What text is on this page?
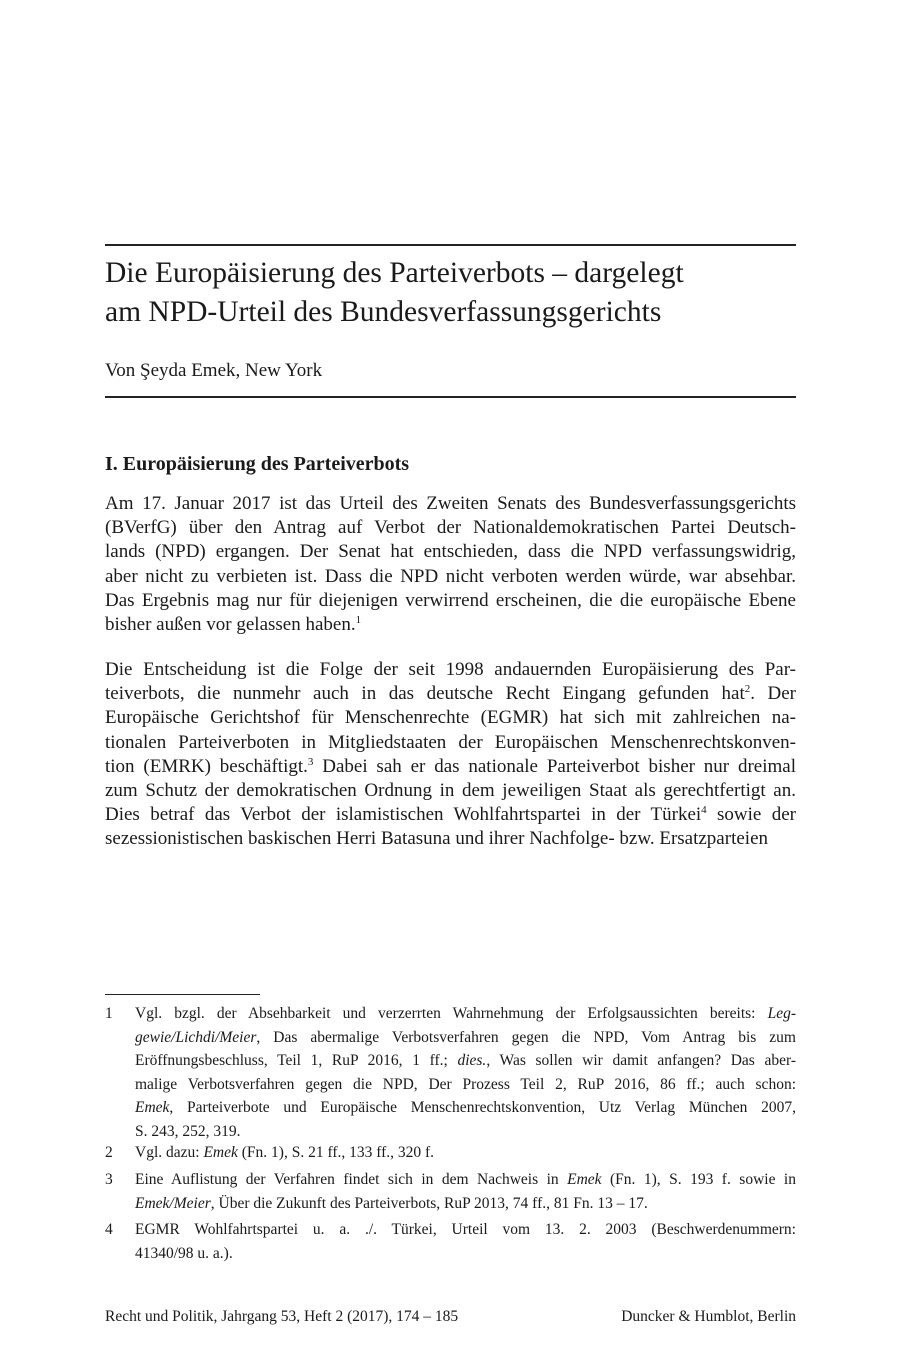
Die Europäisierung des Parteiverbots – dargelegt
am NPD-Urteil des Bundesverfassungsgerichts
Von Şeyda Emek, New York
I. Europäisierung des Parteiverbots
Am 17. Januar 2017 ist das Urteil des Zweiten Senats des Bundesverfassungsgerichts
(BVerfG) über den Antrag auf Verbot der Nationaldemokratischen Partei Deutsch-
lands (NPD) ergangen. Der Senat hat entschieden, dass die NPD verfassungswidrig,
aber nicht zu verbieten ist. Dass die NPD nicht verboten werden würde, war absehbar.
Das Ergebnis mag nur für diejenigen verwirrend erscheinen, die die europäische Ebene
bisher außen vor gelassen haben.$^1$
Die Entscheidung ist die Folge der seit 1998 andauernden Europäisierung des Par-
teiverbots, die nunmehr auch in das deutsche Recht Eingang gefunden hat$^2$. Der
Europäische Gerichtshof für Menschenrechte (EGMR) hat sich mit zahlreichen na-
tionalen Parteiverboten in Mitgliedstaaten der Europäischen Menschenrechtskonven-
tion (EMRK) beschäftigt.$^3$ Dabei sah er das nationale Parteiverbot bisher nur dreimal
zum Schutz der demokratischen Ordnung in dem jeweiligen Staat als gerechtfertigt an.
Dies betraf das Verbot der islamistischen Wohlfahrtspartei in der Türkei$^4$ sowie der
sezessionistischen baskischen Herri Batasuna und ihrer Nachfolge- bzw. Ersatzparteien
1	Vgl. bzgl. der Absehbarkeit und verzerrten Wahrnehmung der Erfolgsaussichten bereits: Leg-
gewie/Lichdi/Meier, Das abermalige Verbotsverfahren gegen die NPD, Vom Antrag bis zum
Eröffnungsbeschluss, Teil 1, RuP 2016, 1 ff.; dies., Was sollen wir damit anfangen? Das aber-
malige Verbotsverfahren gegen die NPD, Der Prozess Teil 2, RuP 2016, 86 ff.; auch schon:
Emek, Parteiverbote und Europäische Menschenrechtskonvention, Utz Verlag München 2007,
S. 243, 252, 319.
2	Vgl. dazu: Emek (Fn. 1), S. 21 ff., 133 ff., 320 f.
3	Eine Auflistung der Verfahren findet sich in dem Nachweis in Emek (Fn. 1), S. 193 f. sowie in
Emek/Meier, Über die Zukunft des Parteiverbots, RuP 2013, 74 ff., 81 Fn. 13 – 17.
4	EGMR Wohlfahrtspartei u. a. ./. Türkei, Urteil vom 13. 2. 2003 (Beschwerdenummern:
41340/98 u. a.).
Recht und Politik, Jahrgang 53, Heft 2 (2017), 174 – 185	Duncker & Humblot, Berlin
